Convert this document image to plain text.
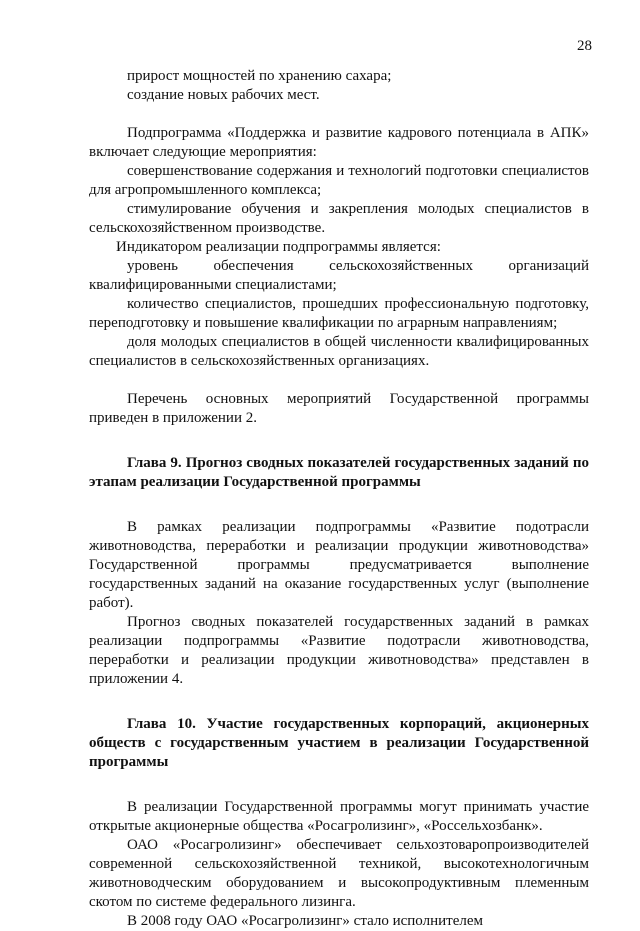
28

прирост мощностей по хранению сахара;

создание новых рабочих мест.

Подпрограмма «Поддержка и развитие кадрового потенциала в АПК» включает следующие мероприятия:

совершенствование содержания и технологий подготовки специалистов для агропромышленного комплекса;

стимулирование обучения и закрепления молодых специалистов в сельскохозяйственном производстве.

Индикатором реализации подпрограммы является:

уровень обеспечения сельскохозяйственных организаций квалифицированными специалистами;

количество специалистов, прошедших профессиональную подготовку, переподготовку и повышение квалификации по аграрным направлениям;

доля молодых специалистов в общей численности квалифицированных специалистов в сельскохозяйственных организациях.

Перечень основных мероприятий Государственной программы приведен в приложении 2.

Глава 9. Прогноз сводных показателей государственных заданий по этапам реализации Государственной программы

В рамках реализации подпрограммы «Развитие подотрасли животноводства, переработки и реализации продукции животноводства» Государственной программы предусматривается выполнение государственных заданий на оказание государственных услуг (выполнение работ).

Прогноз сводных показателей государственных заданий в рамках реализации подпрограммы «Развитие подотрасли животноводства, переработки и реализации продукции животноводства» представлен в приложении 4.

Глава 10. Участие государственных корпораций, акционерных обществ с государственным участием в реализации Государственной программы

В реализации Государственной программы могут принимать участие открытые акционерные общества «Росагролизинг», «Россельхозбанк».

ОАО «Росагролизинг» обеспечивает сельхозтоваропроизводителей современной сельскохозяйственной техникой, высокотехнологичным животноводческим оборудованием и высокопродуктивным племенным скотом по системе федерального лизинга.

В 2008 году ОАО «Росагролизинг» стало исполнителем
